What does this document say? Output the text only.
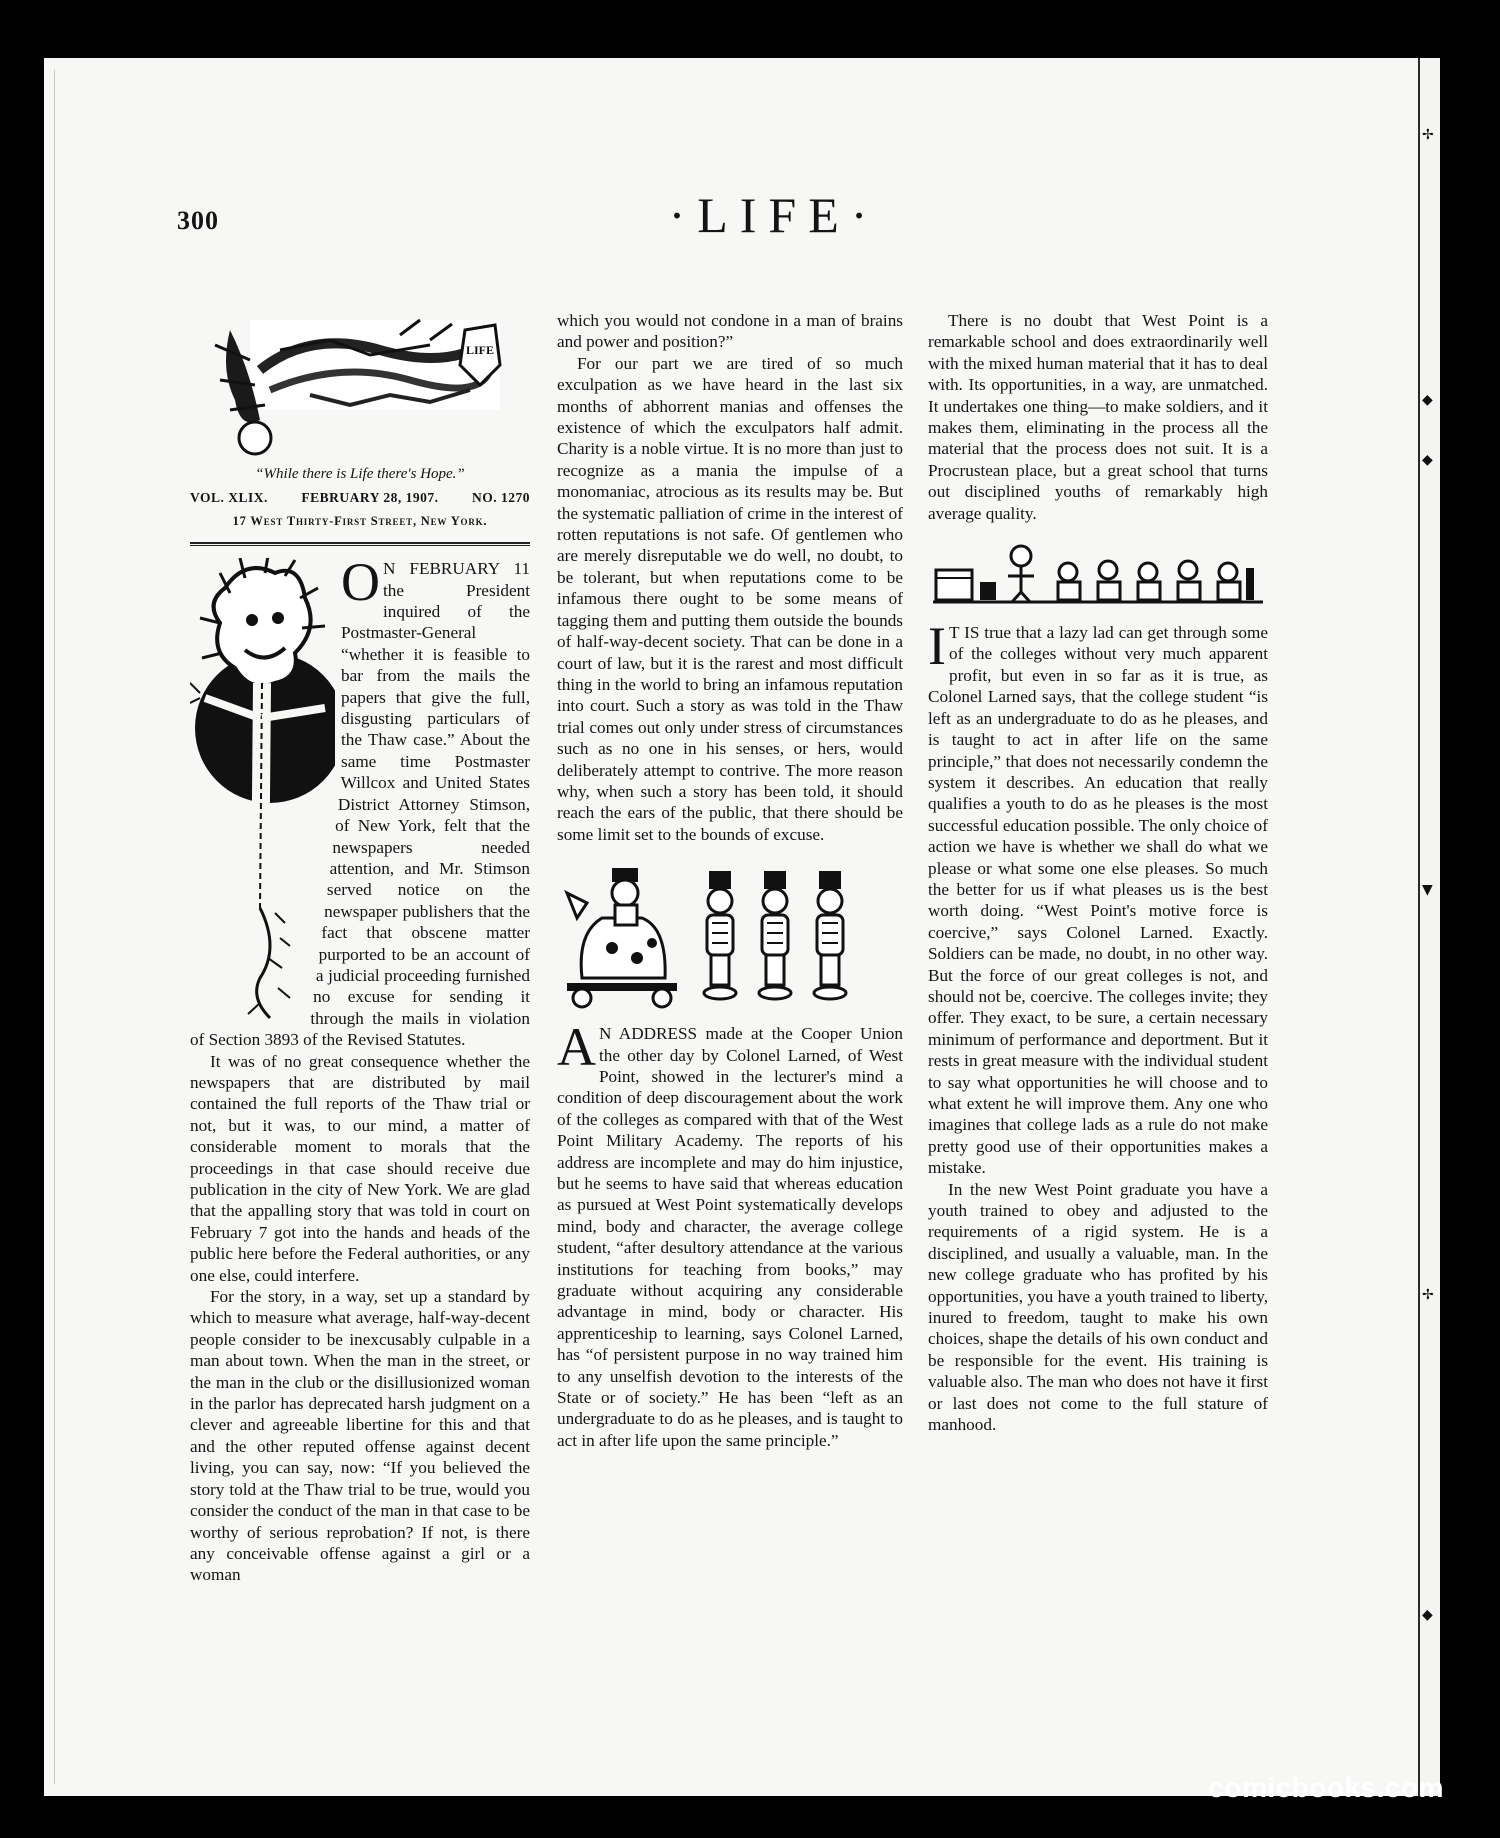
✢
◆
◆
▼
✢
◆
300	·LIFE·
LIFE
“While there is Life there's Hope.”
VOL. XLIX. FEBRUARY 28, 1907. NO. 1270
17 West Thirty-First Street, New York.
O N FEBRUARY 11 the President inquired of the Postmaster-General “whether it is feasible to bar from the mails the papers that give the full, disgusting particulars of the Thaw case.” About the same time Postmaster Willcox and United States District Attorney Stimson, of New York, felt that the newspapers needed attention, and Mr. Stimson served notice on the newspaper publishers that the fact that obscene matter purported to be an account of a judicial proceeding furnished no excuse for sending it through the mails in violation of Section 3893 of the Revised Statutes.

It was of no great consequence whether the newspapers that are distributed by mail contained the full reports of the Thaw trial or not, but it was, to our mind, a matter of considerable moment to morals that the proceedings in that case should receive due publication in the city of New York. We are glad that the appalling story that was told in court on February 7 got into the hands and heads of the public here before the Federal authorities, or any one else, could interfere.

For the story, in a way, set up a standard by which to measure what average, half-way-decent people consider to be inexcusably culpable in a man about town. When the man in the street, or the man in the club or the disillusionized woman in the parlor has deprecated harsh judgment on a clever and agreeable libertine for this and that and the other reputed offense against decent living, you can say, now: “If you believed the story told at the Thaw trial to be true, would you consider the conduct of the man in that case to be worthy of serious reprobation? If not, is there any conceivable offense against a girl or a woman

which you would not condone in a man of brains and power and position?”

For our part we are tired of so much exculpation as we have heard in the last six months of abhorrent manias and offenses the existence of which the exculpators half admit. Charity is a noble virtue. It is no more than just to recognize as a mania the impulse of a monomaniac, atrocious as its results may be. But the systematic palliation of crime in the interest of rotten reputations is not safe. Of gentlemen who are merely disreputable we do well, no doubt, to be tolerant, but when reputations come to be infamous there ought to be some means of tagging them and putting them outside the bounds of half-way-decent society. That can be done in a court of law, but it is the rarest and most difficult thing in the world to bring an infamous reputation into court. Such a story as was told in the Thaw trial comes out only under stress of circumstances such as no one in his senses, or hers, would deliberately attempt to contrive. The more reason why, when such a story has been told, it should reach the ears of the public, that there should be some limit set to the bounds of excuse.

A N ADDRESS made at the Cooper Union the other day by Colonel Larned, of West Point, showed in the lecturer's mind a condition of deep discouragement about the work of the colleges as compared with that of the West Point Military Academy. The reports of his address are incomplete and may do him injustice, but he seems to have said that whereas education as pursued at West Point systematically develops mind, body and character, the average college student, “after desultory attendance at the various institutions for teaching from books,” may graduate without acquiring any considerable advantage in mind, body or character. His apprenticeship to learning, says Colonel Larned, has “of persistent purpose in no way trained him to any unselfish devotion to the interests of the State or of society.” He has been “left as an undergraduate to do as he pleases, and is taught to act in after life upon the same principle.”

There is no doubt that West Point is a remarkable school and does extraordinarily well with the mixed human material that it has to deal with. Its opportunities, in a way, are unmatched. It undertakes one thing—to make soldiers, and it makes them, eliminating in the process all the material that the process does not suit. It is a Procrustean place, but a great school that turns out disciplined youths of remarkably high average quality.

I T IS true that a lazy lad can get through some of the colleges without very much apparent profit, but even in so far as it is true, as Colonel Larned says, that the college student “is left as an undergraduate to do as he pleases, and is taught to act in after life on the same principle,” that does not necessarily condemn the system it describes. An education that really qualifies a youth to do as he pleases is the most successful education possible. The only choice of action we have is whether we shall do what we please or what some one else pleases. So much the better for us if what pleases us is the best worth doing. “West Point's motive force is coercive,” says Colonel Larned. Exactly. Soldiers can be made, no doubt, in no other way. But the force of our great colleges is not, and should not be, coercive. The colleges invite; they offer. They exact, to be sure, a certain necessary minimum of performance and deportment. But it rests in great measure with the individual student to say what opportunities he will choose and to what extent he will improve them. Any one who imagines that college lads as a rule do not make pretty good use of their opportunities makes a mistake.

In the new West Point graduate you have a youth trained to obey and adjusted to the requirements of a rigid system. He is a disciplined, and usually a valuable, man. In the new college graduate who has profited by his opportunities, you have a youth trained to liberty, inured to freedom, taught to make his own choices, shape the details of his own conduct and be responsible for the event. His training is valuable also. The man who does not have it first or last does not come to the full stature of manhood.

comicbooks.com
